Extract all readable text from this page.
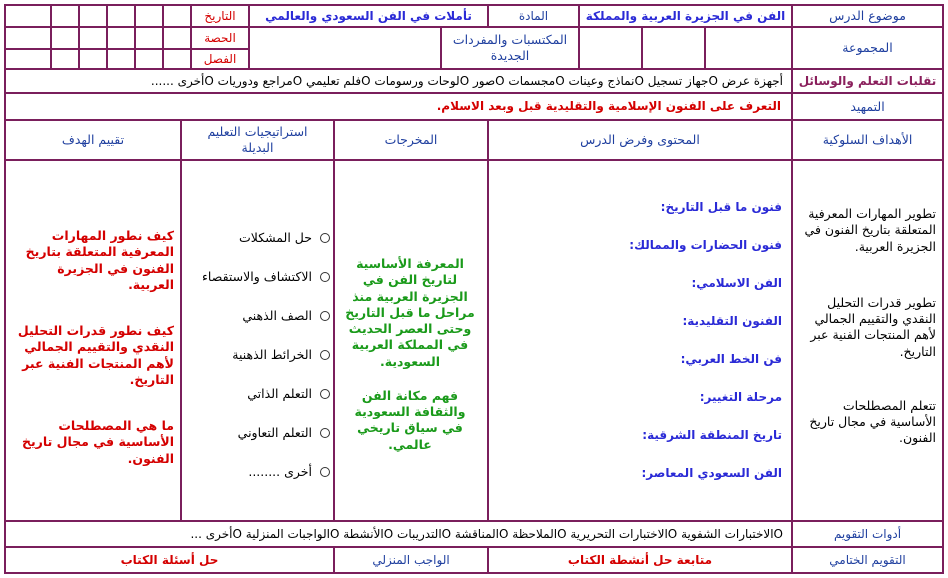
موضوع الدرس
الفن في الجزيرة العربية والمملكة
المادة
تأملات في الفن السعودي والعالمي
التاريخ
المجموعة
المكتسبات والمفردات الجديدة
الحصة
الفصل
تقلبات التعلم والوسائل
أجهزة عرض Oجهاز تسجيل Oنماذج وعينات Oمجسمات Oصور Oلوحات ورسومات Oفلم تعليمي Oمراجع ودوريات Oأخرى ......
التمهيد
التعرف على الفنون الإسلامية والتقليدية قبل وبعد الاسلام.
الأهداف السلوكية
المحتوى وفرض الدرس
المخرجات
استراتيجيات التعليم البديلة
تقييم الهدف
تطوير المهارات المعرفية المتعلقة بتاريخ الفنون في الجزيرة العربية.
تطوير قدرات التحليل النقدي والتقييم الجمالي لأهم المنتجات الفنية عبر التاريخ.
تتعلم المصطلحات الأساسية في مجال تاريخ الفنون.
فنون ما قبل التاريخ:
فنون الحضارات والممالك:
الفن الاسلامي:
الفنون التقليدية:
فن الخط العربي:
مرحلة التغيير:
تاريخ المنطقة الشرقية:
الفن السعودي المعاصر:
المعرفة الأساسية لتاريخ الفن في الجزيرة العربية منذ مراحل ما قبل التاريخ وحتى العصر الحديث في المملكة العربية السعودية.
فهم مكانة الفن والثقافة السعودية في سياق تاريخي عالمي.
حل المشكلات
الاكتشاف والاستقصاء
الصف الذهني
الخرائط الذهنية
التعلم الذاتي
التعلم التعاوني
أخرى ........
كيف نطور المهارات المعرفية المتعلقة بتاريخ الفنون في الجزيرة العربية.
كيف نطور قدرات التحليل النقدي والتقييم الجمالي لأهم المنتجات الفنية عبر التاريخ.
ما هي المصطلحات الأساسية في مجال تاريخ الفنون.
أدوات التقويم
Oالاختبارات الشفوية Oالاختبارات التحريرية Oالملاحظة Oالمناقشة Oالتدريبات Oالأنشطة Oالواجبات المنزلية Oأخرى ...
التقويم الختامي
متابعة حل أنشطة الكتاب
الواجب المنزلي
حل أسئلة الكتاب
